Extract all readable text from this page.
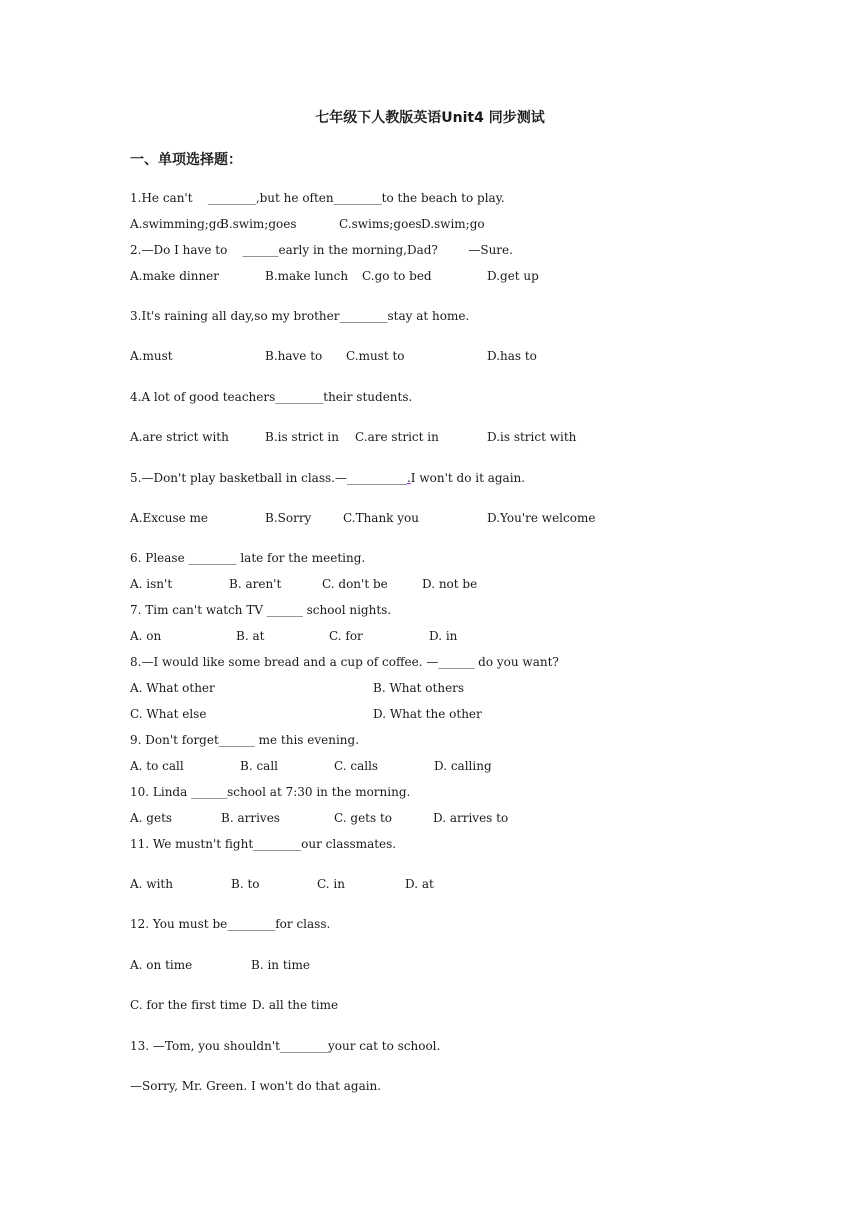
七年级下人教版英语Unit4 同步测试
一、单项选择题：
1.He can't    ________,but he often________to the beach to play.
A.swimming;go
B.swim;goes	C.swims;goes D.swim;go
2.—Do I have to    ______early in the morning,Dad?        —Sure.
A.make dinner	B.make lunch C.go to bed	D.get up
3.It's raining all day,so my brother________stay at home.
A.must	B.have to C.must to	D.has to
4.A lot of good teachers________their students.
A.are strict with	B.is strict in C.are strict in	D.is strict with
5.—Don't play basketball in class.—__________.I won't do it again.
A.Excuse me	B.Sorry	C.Thank you	D.You're welcome
6. Please ________ late for the meeting.
A. isn't	B. aren't	C. don't be	D. not be
7. Tim can't watch TV ______ school nights.
A. on	B. at	C. for	D. in
8.—I would like some bread and a cup of coffee. —______ do you want?
A. What other	B. What others
C. What else	D. What the other
9. Don't forget______ me this evening.
A. to call	B. call	C. calls	D. calling
10. Linda ______school at 7:30 in the morning.
A. gets	B. arrives	C. gets to	D. arrives to
11. We mustn't fight________our classmates.
A. with	B. to	C. in	D. at
12. You must be________for class.
A. on time	B. in time
C. for the first time D. all the time
13. —Tom, you shouldn't________your cat to school.
—Sorry, Mr. Green. I won't do that again.
